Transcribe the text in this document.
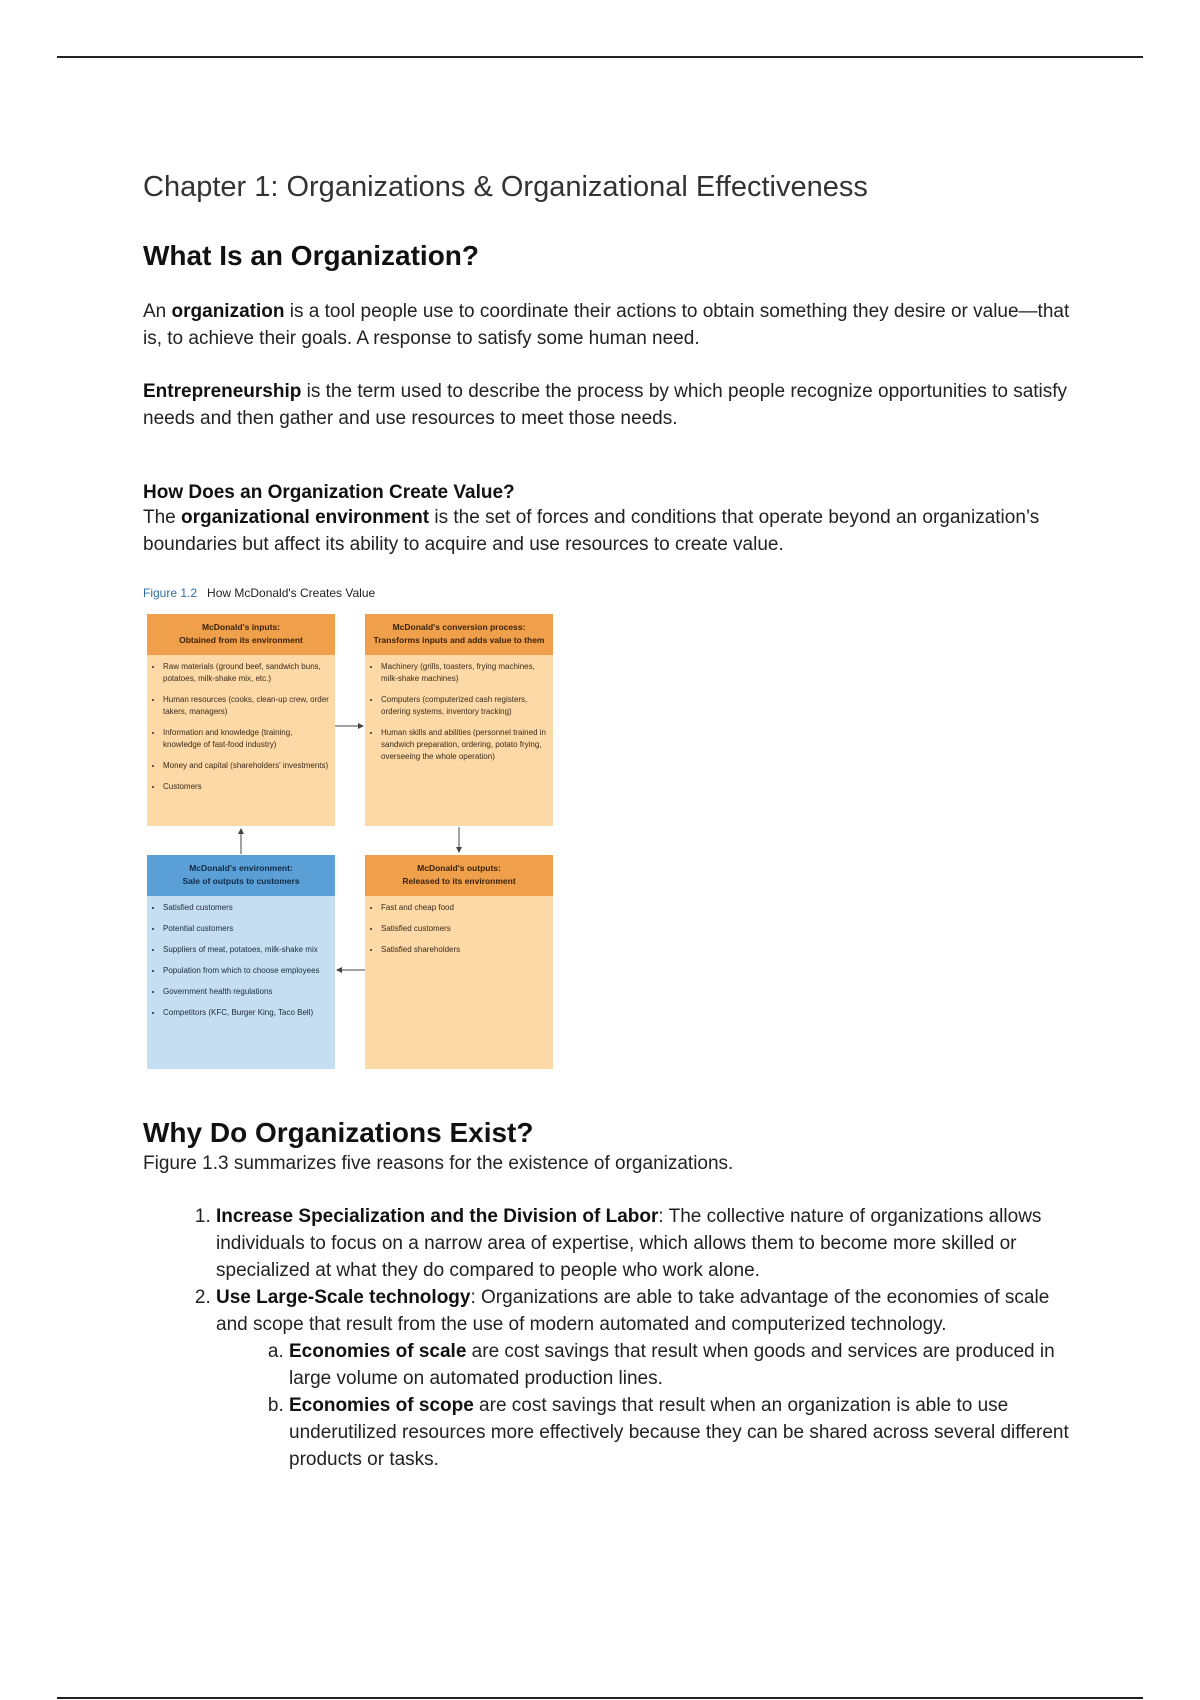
Chapter 1: Organizations & Organizational Effectiveness
What Is an Organization?

An organization is a tool people use to coordinate their actions to obtain something they desire or value—that is, to achieve their goals. A response to satisfy some human need.

Entrepreneurship is the term used to describe the process by which people recognize opportunities to satisfy needs and then gather and use resources to meet those needs.

How Does an Organization Create Value?

The organizational environment is the set of forces and conditions that operate beyond an organization’s boundaries but affect its ability to acquire and use resources to create value.

Figure 1.2 How McDonald's Creates Value
McDonald's inputs:
Obtained from its environment
• Raw materials (ground beef, sandwich buns, potatoes, milk-shake mix, etc.)
• Human resources (cooks, clean-up crew, order takers, managers)
• Information and knowledge (training, knowledge of fast-food industry)
• Money and capital (shareholders' investments)
• Customers
McDonald's conversion process:
Transforms inputs and adds value to them
• Machinery (grills, toasters, frying machines, milk-shake machines)
• Computers (computerized cash registers, ordering systems, inventory tracking)
• Human skills and abilities (personnel trained in sandwich preparation, ordering, potato frying, overseeing the whole operation)
McDonald's environment:
Sale of outputs to customers
• Satisfied customers
• Potential customers
• Suppliers of meat, potatoes, milk-shake mix
• Population from which to choose employees
• Government health regulations
• Competitors (KFC, Burger King, Taco Bell)
McDonald's outputs:
Released to its environment
• Fast and cheap food
• Satisfied customers
• Satisfied shareholders
Why Do Organizations Exist?

Figure 1.3 summarizes five reasons for the existence of organizations.

1. Increase Specialization and the Division of Labor: The collective nature of organizations allows individuals to focus on a narrow area of expertise, which allows them to become more skilled or specialized at what they do compared to people who work alone.
2. Use Large-Scale technology: Organizations are able to take advantage of the economies of scale and scope that result from the use of modern automated and computerized technology.
a. Economies of scale are cost savings that result when goods and services are produced in large volume on automated production lines.
b. Economies of scope are cost savings that result when an organization is able to use underutilized resources more effectively because they can be shared across several different products or tasks.
